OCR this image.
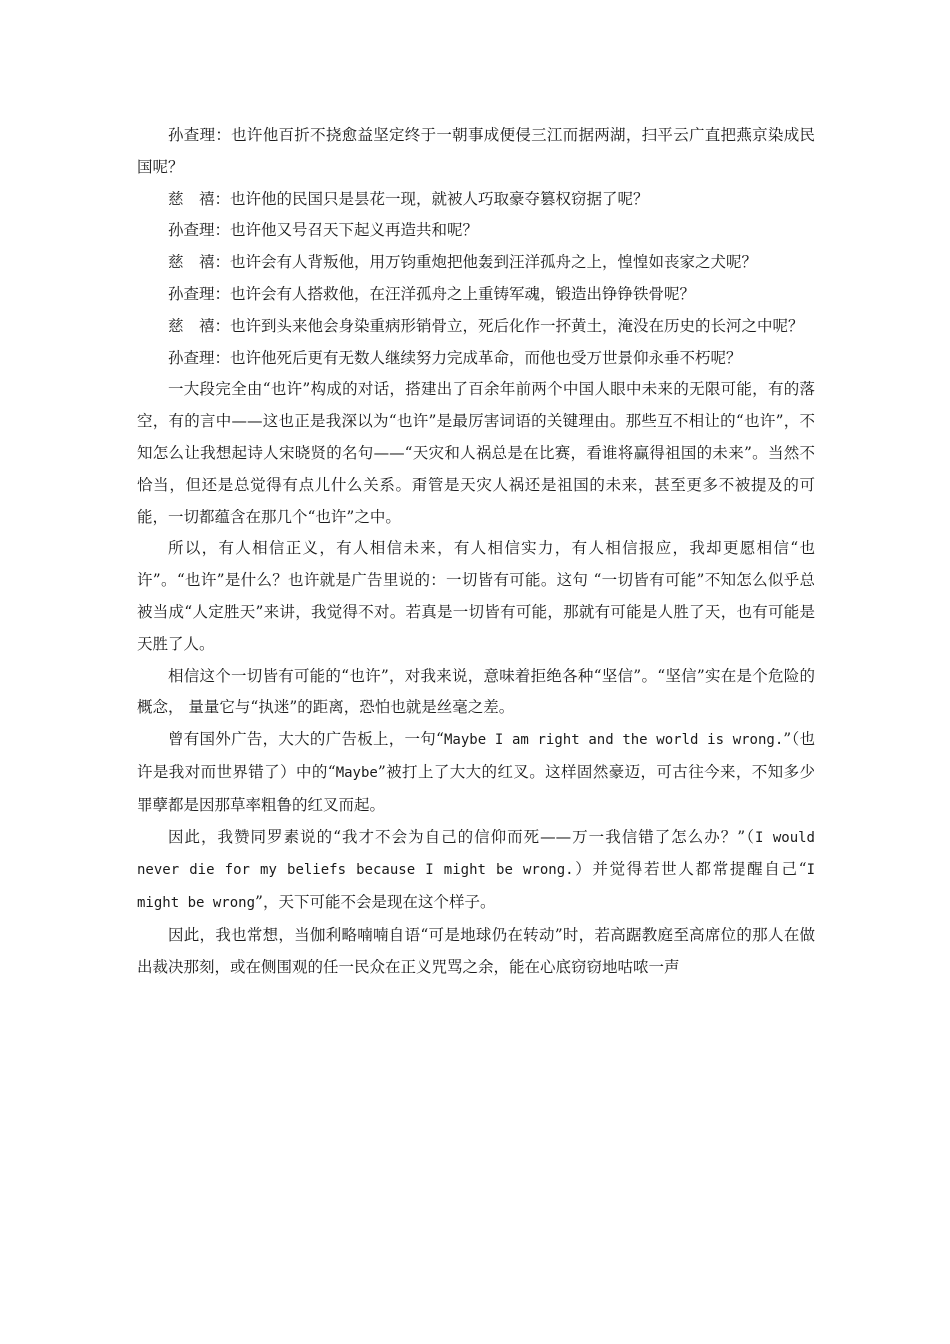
孙查理：也许他百折不挠愈益坚定终于一朝事成便侵三江而据两湖，扫平云广直把燕京染成民国呢？

慈　禧：也许他的民国只是昙花一现，就被人巧取豪夺篡权窃据了呢？

孙查理：也许他又号召天下起义再造共和呢？

慈　禧：也许会有人背叛他，用万钧重炮把他轰到汪洋孤舟之上，惶惶如丧家之犬呢？

孙查理：也许会有人搭救他，在汪洋孤舟之上重铸军魂，锻造出铮铮铁骨呢？

慈　禧：也许到头来他会身染重病形销骨立，死后化作一抔黄土，淹没在历史的长河之中呢？

孙查理：也许他死后更有无数人继续努力完成革命，而他也受万世景仰永垂不朽呢？

一大段完全由“也许”构成的对话，搭建出了百余年前两个中国人眼中未来的无限可能，有的落空，有的言中——这也正是我深以为“也许”是最厉害词语的关键理由。那些互不相让的“也许”，不知怎么让我想起诗人宋晓贤的名句——“天灾和人祸总是在比赛，看谁将赢得祖国的未来”。当然不恰当，但还是总觉得有点儿什么关系。甭管是天灾人祸还是祖国的未来，甚至更多不被提及的可能，一切都蕴含在那几个“也许”之中。

所以，有人相信正义，有人相信未来，有人相信实力，有人相信报应，我却更愿相信“也许”。“也许”是什么？也许就是广告里说的：一切皆有可能。这句 “一切皆有可能”不知怎么似乎总被当成“人定胜天”来讲，我觉得不对。若真是一切皆有可能，那就有可能是人胜了天，也有可能是天胜了人。

相信这个一切皆有可能的“也许”，对我来说，意味着拒绝各种“坚信”。“坚信”实在是个危险的概念， 量量它与“执迷”的距离，恐怕也就是丝毫之差。

曾有国外广告，大大的广告板上，一句“Maybe I am right and the world is wrong.”（也许是我对而世界错了）中的“Maybe”被打上了大大的红叉。这样固然豪迈，可古往今来，不知多少罪孽都是因那草率粗鲁的红叉而起。

因此，我赞同罗素说的“我才不会为自己的信仰而死——万一我信错了怎么办？”（I would never die for my beliefs because I might be wrong.）并觉得若世人都常提醒自己“I might be wrong”，天下可能不会是现在这个样子。

因此，我也常想，当伽利略喃喃自语“可是地球仍在转动”时，若高踞教庭至高席位的那人在做出裁决那刻，或在侧围观的任一民众在正义咒骂之余，能在心底窃窃地咕哝一声
